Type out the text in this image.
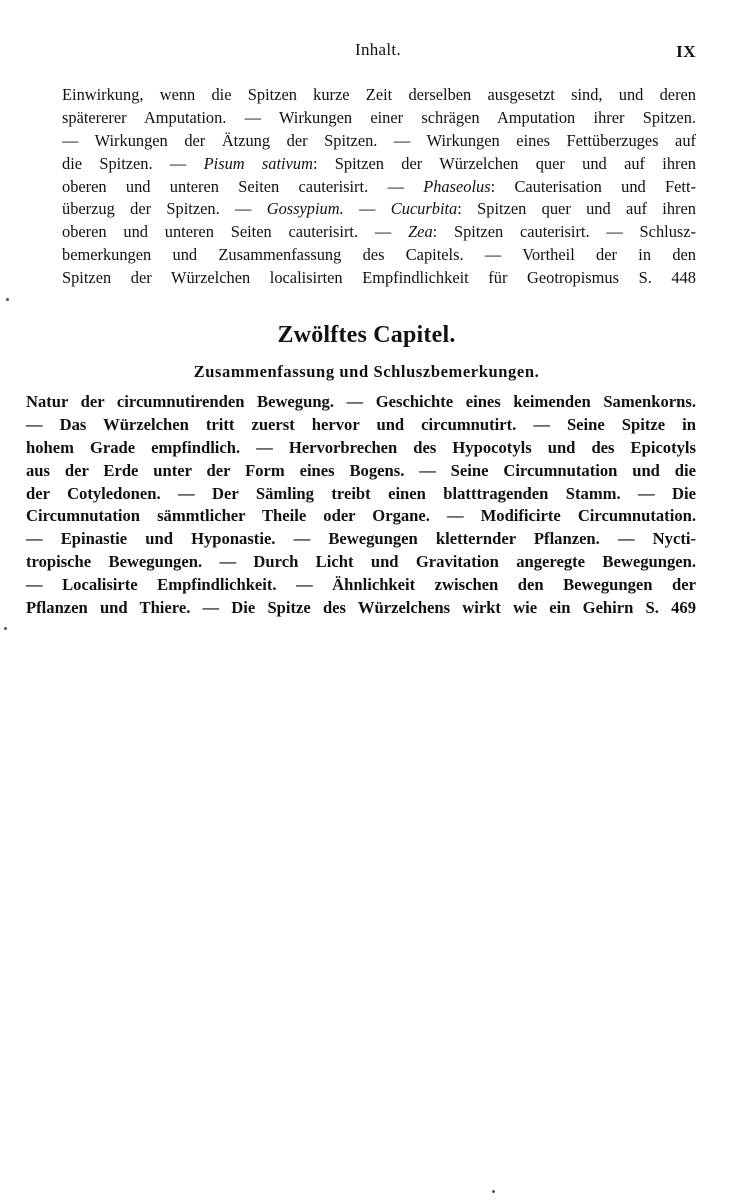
Inhalt.	IX
Einwirkung, wenn die Spitzen kurze Zeit derselben ausgesetzt sind, und deren
spätererer Amputation. — Wirkungen einer schrägen Amputation ihrer Spitzen.
— Wirkungen der Ätzung der Spitzen. — Wirkungen eines Fettüberzuges auf
die Spitzen. — Pisum sativum: Spitzen der Würzelchen quer und auf ihren
oberen und unteren Seiten cauterisirt. — Phaseolus: Cauterisation und Fett-
überzug der Spitzen. — Gossypium. — Cucurbita: Spitzen quer und auf ihren
oberen und unteren Seiten cauterisirt. — Zea: Spitzen cauterisirt. — Schlusz-
bemerkungen und Zusammenfassung des Capitels. — Vortheil der in den
Spitzen der Würzelchen localisirten Empfindlichkeit für Geotropismus S. 448
Zwölftes Capitel.
Zusammenfassung und Schluszbemerkungen.
Natur der circumnutirenden Bewegung. — Geschichte eines keimenden Samenkorns.
— Das Würzelchen tritt zuerst hervor und circumnutirt. — Seine Spitze in
hohem Grade empfindlich. — Hervorbrechen des Hypocotyls und des Epicotyls
aus der Erde unter der Form eines Bogens. — Seine Circumnutation und die
der Cotyledonen. — Der Sämling treibt einen blatttragenden Stamm. — Die
Circumnutation sämmtlicher Theile oder Organe. — Modificirte Circumnutation.
— Epinastie und Hyponastie. — Bewegungen kletternder Pflanzen. — Nycti-
tropische Bewegungen. — Durch Licht und Gravitation angeregte Bewegungen.
— Localisirte Empfindlichkeit. — Ähnlichkeit zwischen den Bewegungen der
Pflanzen und Thiere. — Die Spitze des Würzelchens wirkt wie ein Gehirn S. 469
